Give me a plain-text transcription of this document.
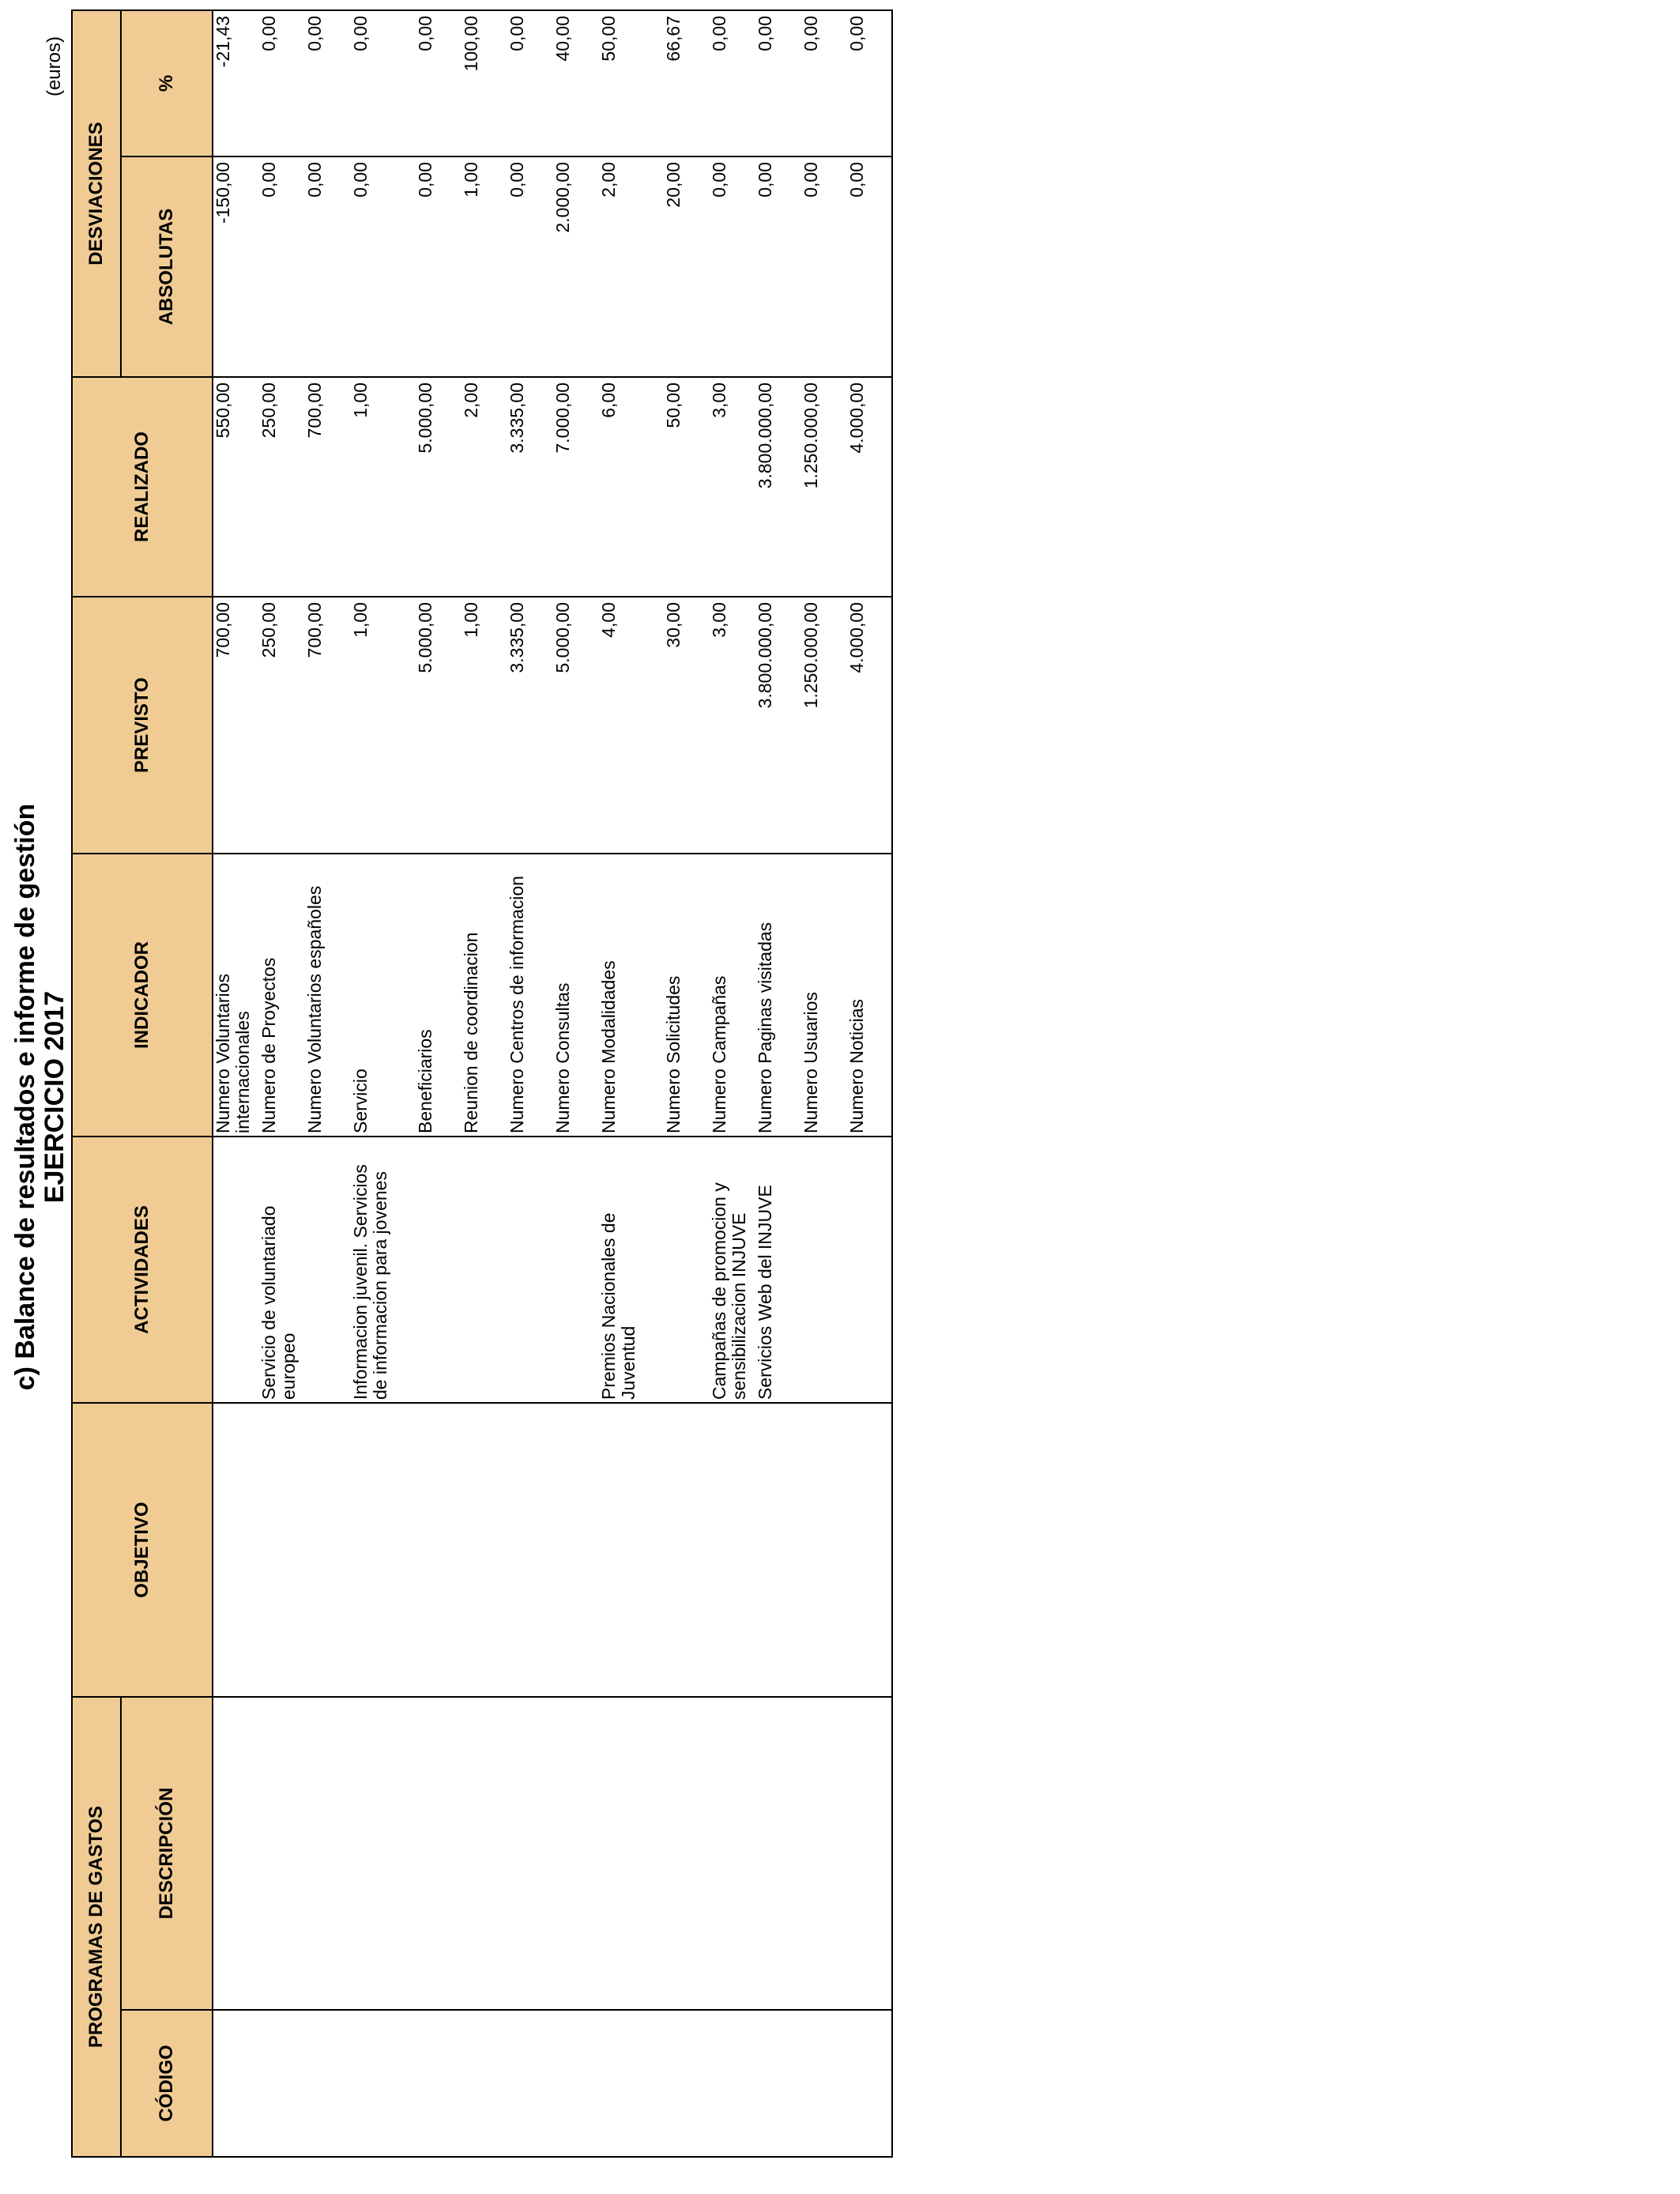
c) Balance de resultados e informe de gestión EJERCICIO 2017
(euros)
PROGRAMAS DE GASTOS		OBJETIVO	ACTIVIDADES	INDICADOR	PREVISTO	REALIZADO	DESVIACIONES	
CÓDIGO	DESCRIPCIÓN						ABSOLUTAS	%
				Numero Voluntarios internacionales	700,00	550,00	-150,00	-21,43
			Servicio de voluntariado europeo	Numero de Proyectos	250,00	250,00	0,00	0,00
				Numero Voluntarios españoles	700,00	700,00	0,00	0,00
			Informacion juvenil. Servicios de informacion para jovenes	Servicio	1,00	1,00	0,00	0,00
				Beneficiarios	5.000,00	5.000,00	0,00	0,00
				Reunion de coordinacion	1,00	2,00	1,00	100,00
				Numero Centros de informacion	3.335,00	3.335,00	0,00	0,00
				Numero Consultas	5.000,00	7.000,00	2.000,00	40,00
			Premios Nacionales de Juventud	Numero Modalidades	4,00	6,00	2,00	50,00
				Numero Solicitudes	30,00	50,00	20,00	66,67
			Campañas de promocion y sensibilizacion INJUVE	Numero Campañas	3,00	3,00	0,00	0,00
			Servicios Web del INJUVE	Numero Paginas visitadas	3.800.000,00	3.800.000,00	0,00	0,00
				Numero Usuarios	1.250.000,00	1.250.000,00	0,00	0,00
				Numero Noticias	4.000,00	4.000,00	0,00	0,00
